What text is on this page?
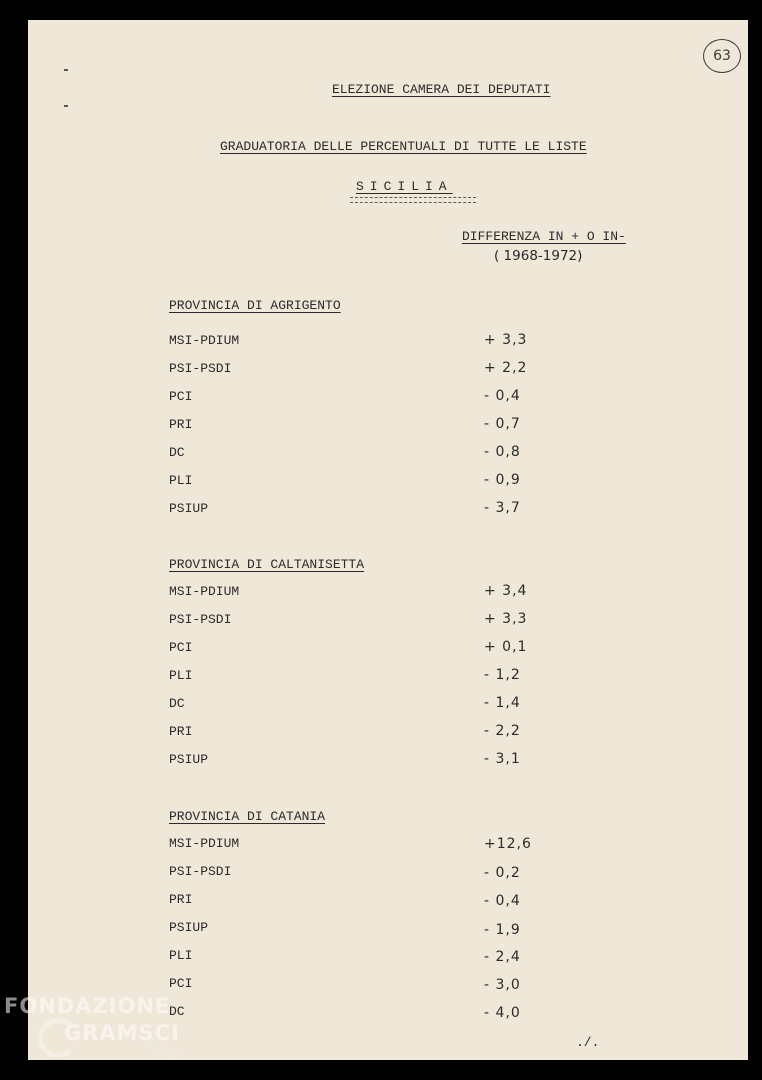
63
ELEZIONE CAMERA DEI DEPUTATI
GRADUATORIA DELLE PERCENTUALI DI TUTTE LE LISTE
SICILIA
DIFFERENZA IN + O IN-
( 1968-1972)
PROVINCIA DI AGRIGENTO
MSI-PDIUM	+ 3,3
PSI-PSDI	+ 2,2
PCI	- 0,4
PRI	- 0,7
DC	- 0,8
PLI	- 0,9
PSIUP	- 3,7
PROVINCIA DI CALTANISETTA
MSI-PDIUM	+ 3,4
PSI-PSDI	+ 3,3
PCI	+ 0,1
PLI	- 1,2
DC	- 1,4
PRI	- 2,2
PSIUP	- 3,1
PROVINCIA DI CATANIA
MSI-PDIUM	+12,6
PSI-PSDI	- 0,2
PRI	- 0,4
PSIUP	- 1,9
PLI	- 2,4
PCI	- 3,0
DC	- 4,0
./.
FONDAZIONE
GRAMSCI
onlus
